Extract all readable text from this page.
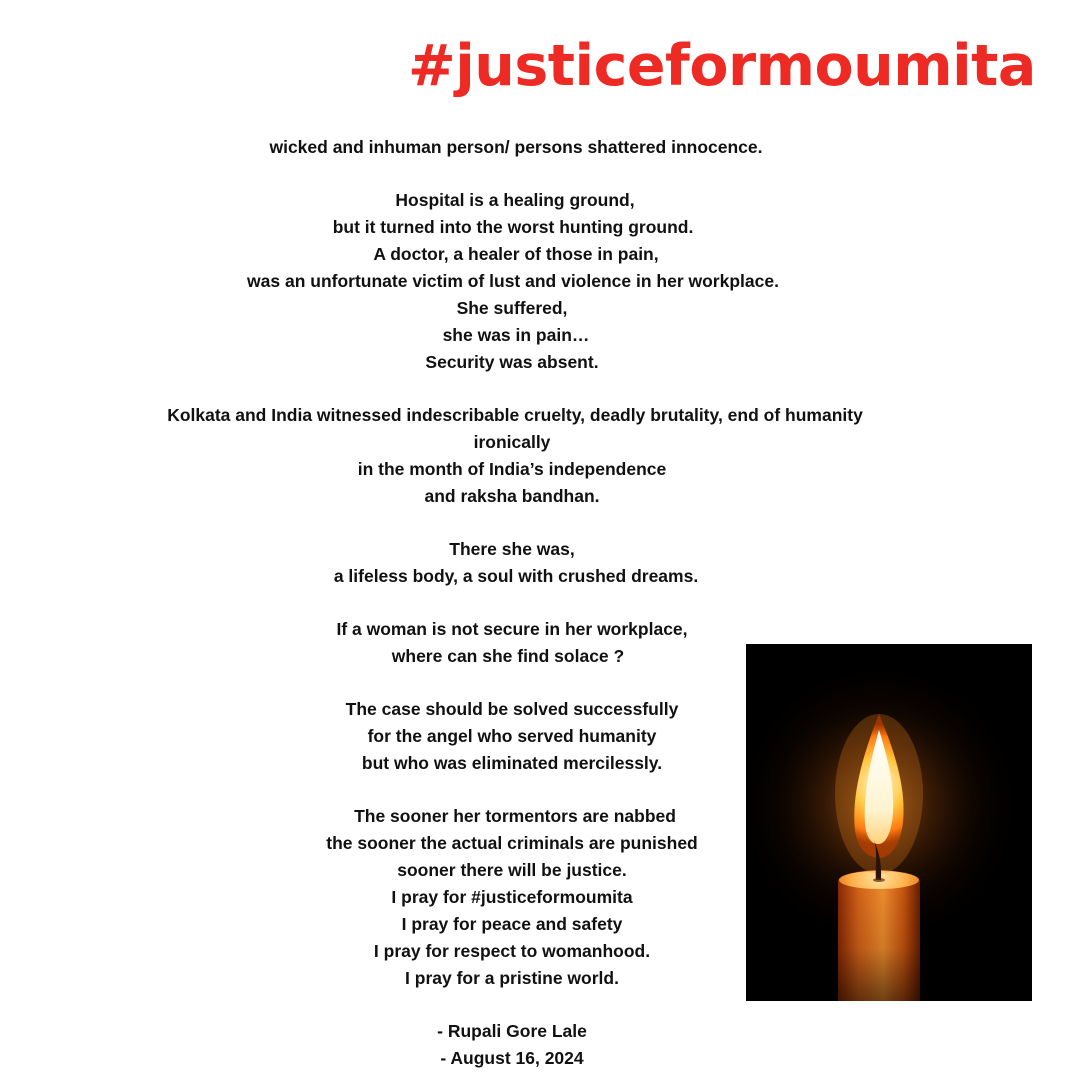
#justiceformoumita
wicked and inhuman person/ persons shattered innocence.
Hospital is a healing ground,
but it turned into the worst hunting ground.
A doctor, a healer of those in pain,
was an unfortunate victim of lust and violence in her workplace.
She suffered,
she was in pain…
Security was absent.
Kolkata and India witnessed indescribable cruelty, deadly brutality, end of humanity
ironically
in the month of India’s independence
and raksha bandhan.
There she was,
a lifeless body, a soul with crushed dreams.
If a woman is not secure in her workplace,
where can she find solace ?
The case should be solved successfully
for the angel who served humanity
but who was eliminated mercilessly.
The sooner her tormentors are nabbed
the sooner the actual criminals are punished
sooner there will be justice.
I pray for #justiceformoumita
I pray for peace and safety
I pray for respect to womanhood.
I pray for a pristine world.
- Rupali Gore Lale
- August 16, 2024
